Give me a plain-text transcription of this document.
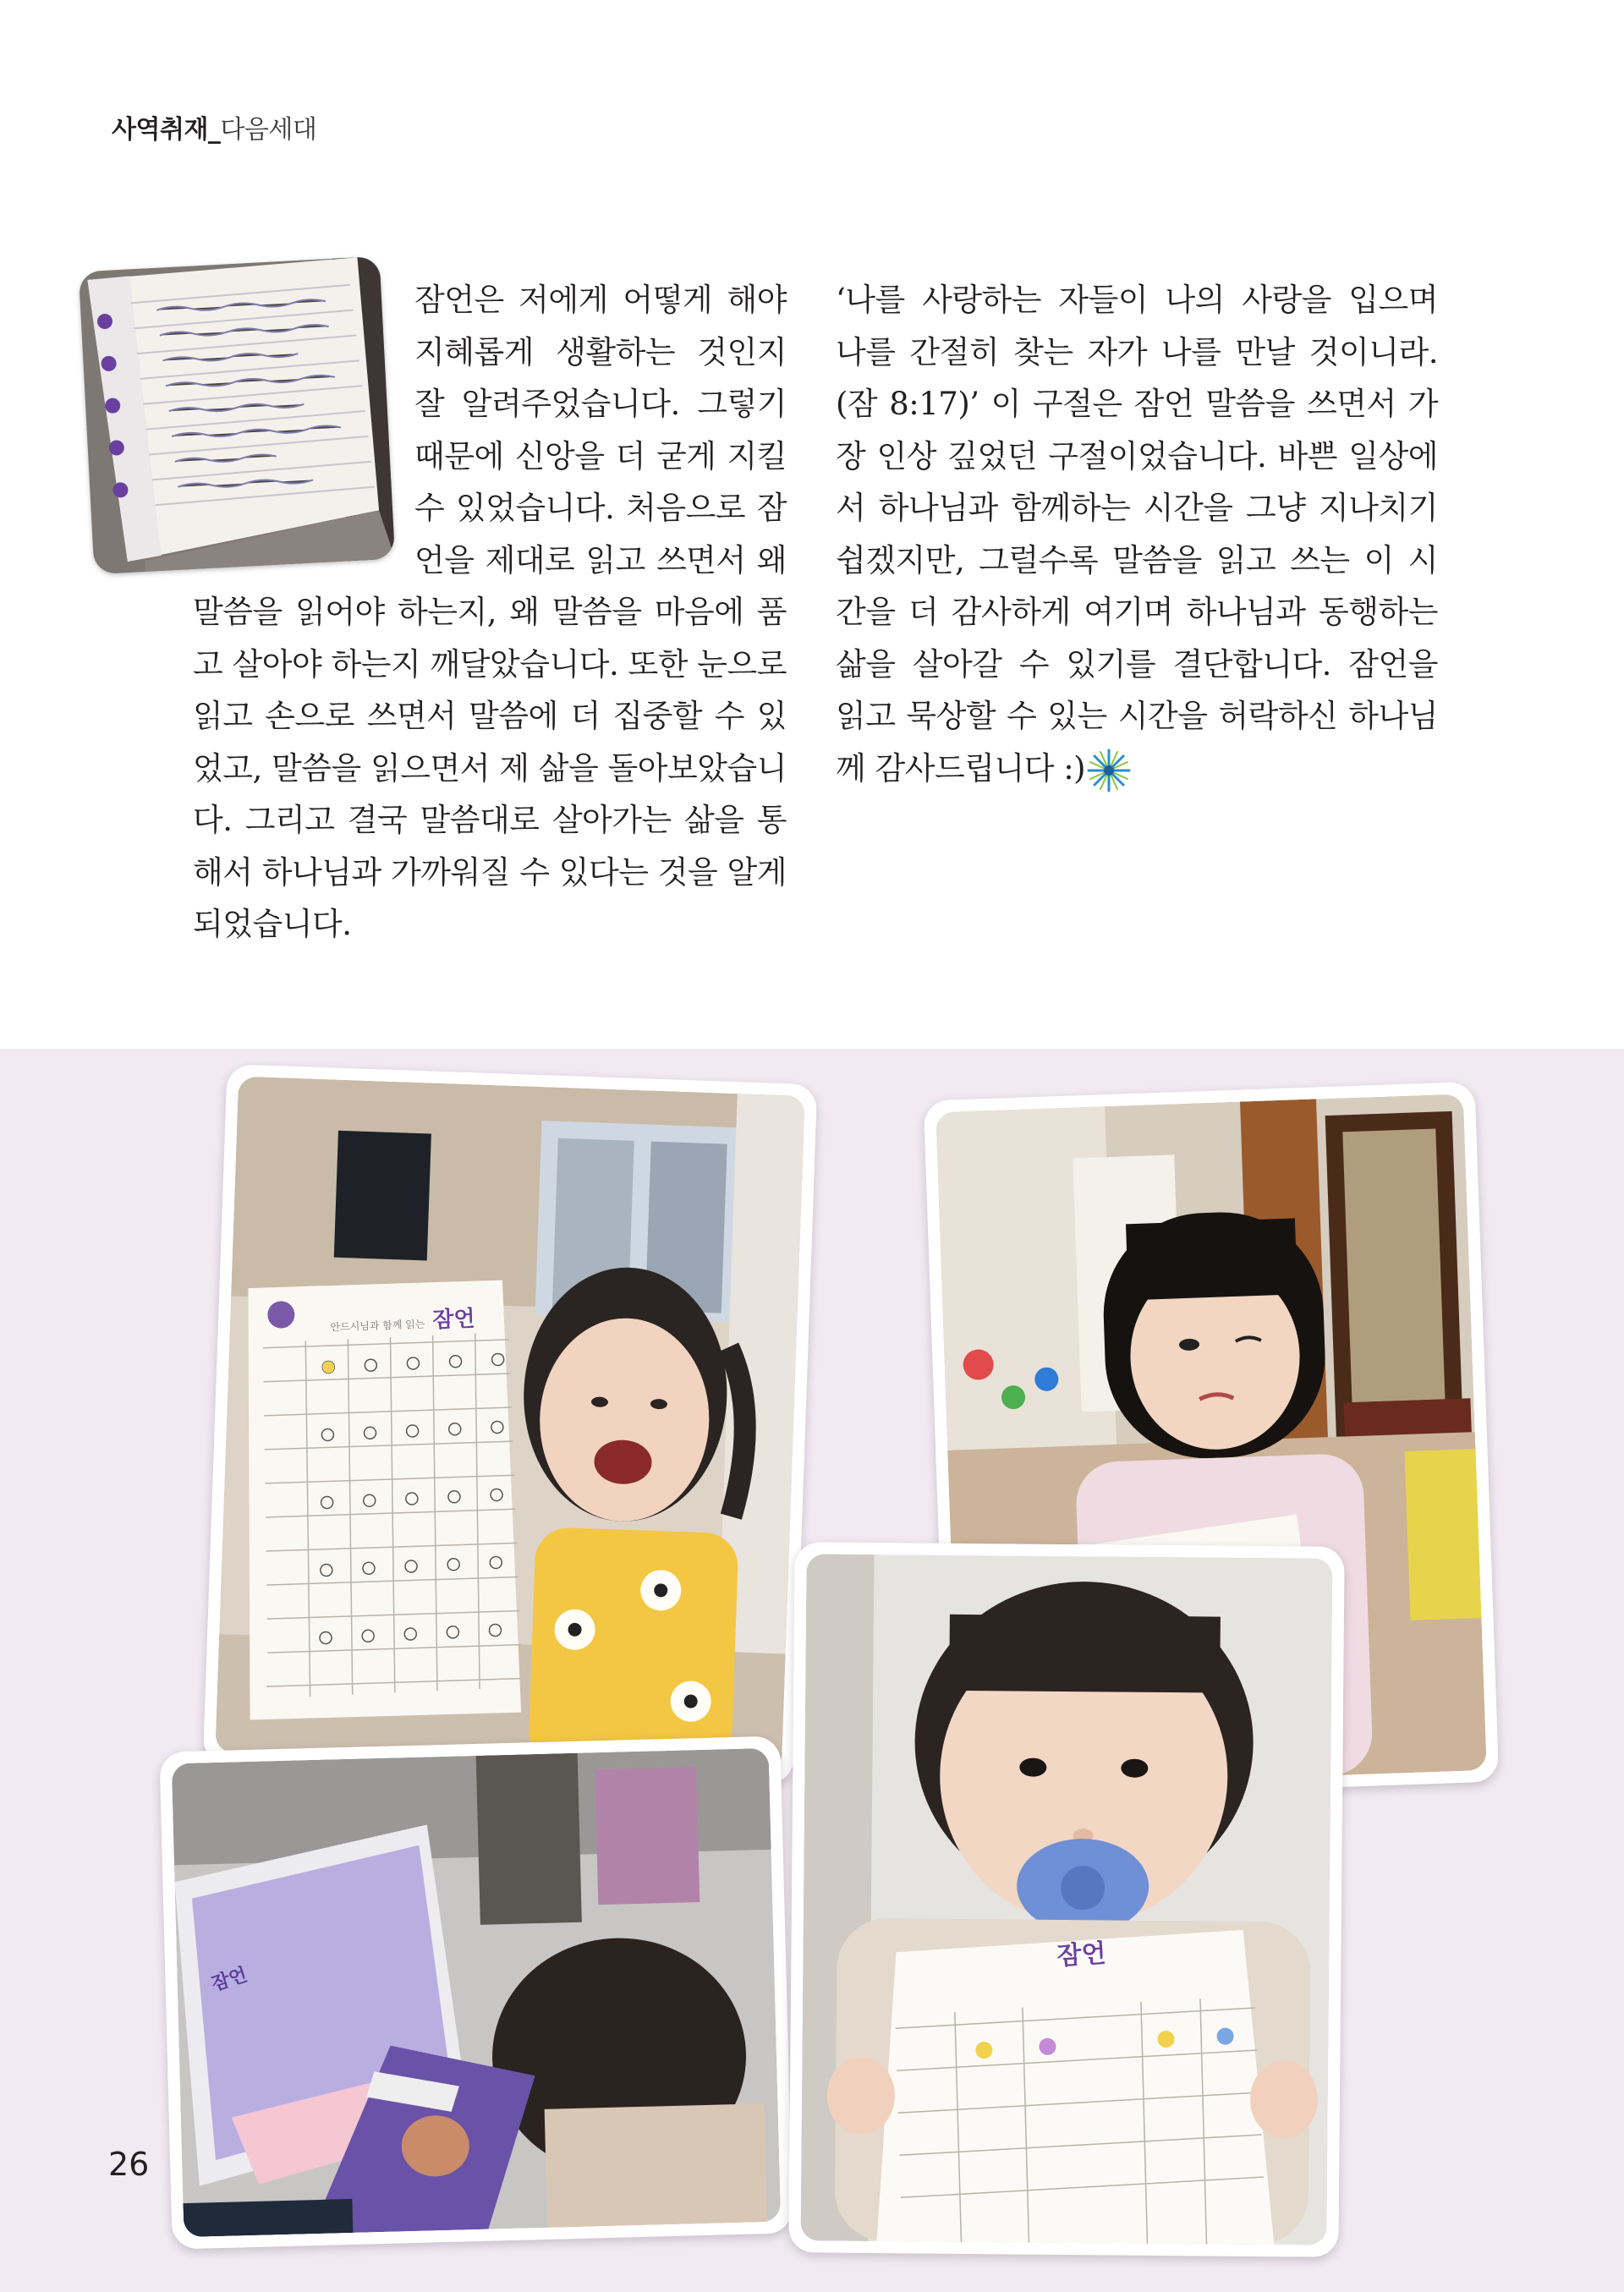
사역취재_다음세대

잠언은 저에게 어떻게 해야 지혜롭게 생활하는 것인지 잘 알려주었습니다. 그렇기 때문에 신앙을 더 굳게 지킬 수 있었습니다. 처음으로 잠언을 제대로 읽고 쓰면서 왜 말씀을 읽어야 하는지, 왜 말씀을 마음에 품고 살아야 하는지 깨달았습니다. 또한 눈으로 읽고 손으로 쓰면서 말씀에 더 집중할 수 있었고, 말씀을 읽으면서 제 삶을 돌아보았습니다. 그리고 결국 말씀대로 살아가는 삶을 통해서 하나님과 가까워질 수 있다는 것을 알게 되었습니다.

‘나를 사랑하는 자들이 나의 사랑을 입으며 나를 간절히 찾는 자가 나를 만날 것이니라. (잠 8:17)’ 이 구절은 잠언 말씀을 쓰면서 가장 인상 깊었던 구절이었습니다. 바쁜 일상에서 하나님과 함께하는 시간을 그냥 지나치기 쉽겠지만, 그럴수록 말씀을 읽고 쓰는 이 시간을 더 감사하게 여기며 하나님과 동행하는 삶을 살아갈 수 있기를 결단합니다. 잠언을 읽고 묵상할 수 있는 시간을 허락하신 하나님께 감사드립니다 :)

안드시님과 함께 읽는 잠언
잠언
잠언
26
